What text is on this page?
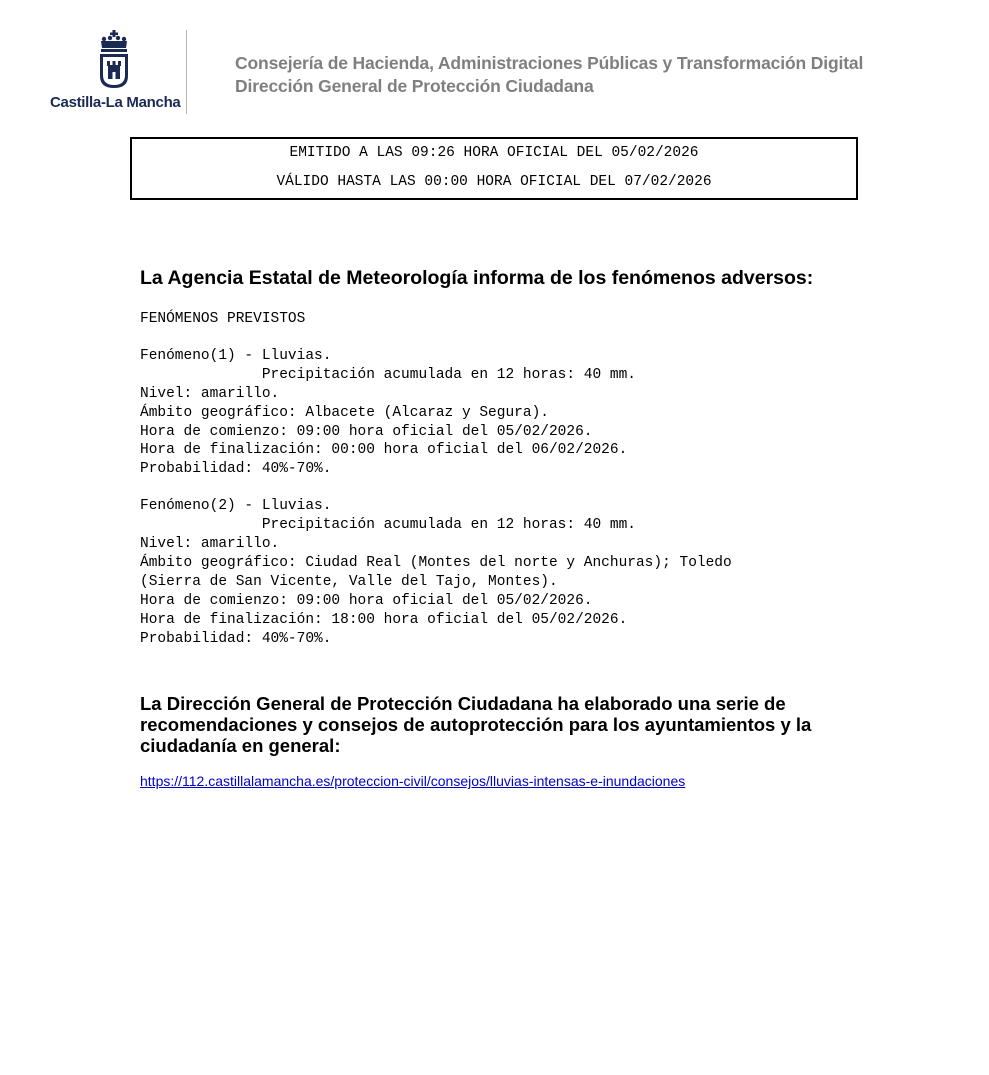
Castilla-La Mancha
Consejería de Hacienda, Administraciones Públicas y Transformación Digital
Dirección General de Protección Ciudadana
EMITIDO A LAS 09:26 HORA OFICIAL DEL 05/02/2026
VÁLIDO HASTA LAS 00:00 HORA OFICIAL DEL 07/02/2026
La Agencia Estatal de Meteorología informa de los fenómenos adversos:
FENÓMENOS PREVISTOS
Fenómeno(1) - Lluvias.
Precipitación acumulada en 12 horas: 40 mm.
Nivel: amarillo.
Ámbito geográfico: Albacete (Alcaraz y Segura).
Hora de comienzo: 09:00 hora oficial del 05/02/2026.
Hora de finalización: 00:00 hora oficial del 06/02/2026.
Probabilidad: 40%-70%.
Fenómeno(2) - Lluvias.
Precipitación acumulada en 12 horas: 40 mm.
Nivel: amarillo.
Ámbito geográfico: Ciudad Real (Montes del norte y Anchuras); Toledo
(Sierra de San Vicente, Valle del Tajo, Montes).
Hora de comienzo: 09:00 hora oficial del 05/02/2026.
Hora de finalización: 18:00 hora oficial del 05/02/2026.
Probabilidad: 40%-70%.
La Dirección General de Protección Ciudadana ha elaborado una serie de
recomendaciones y consejos de autoprotección para los ayuntamientos y la
ciudadanía en general:
https://112.castillalamancha.es/proteccion-civil/consejos/lluvias-intensas-e-inundaciones
